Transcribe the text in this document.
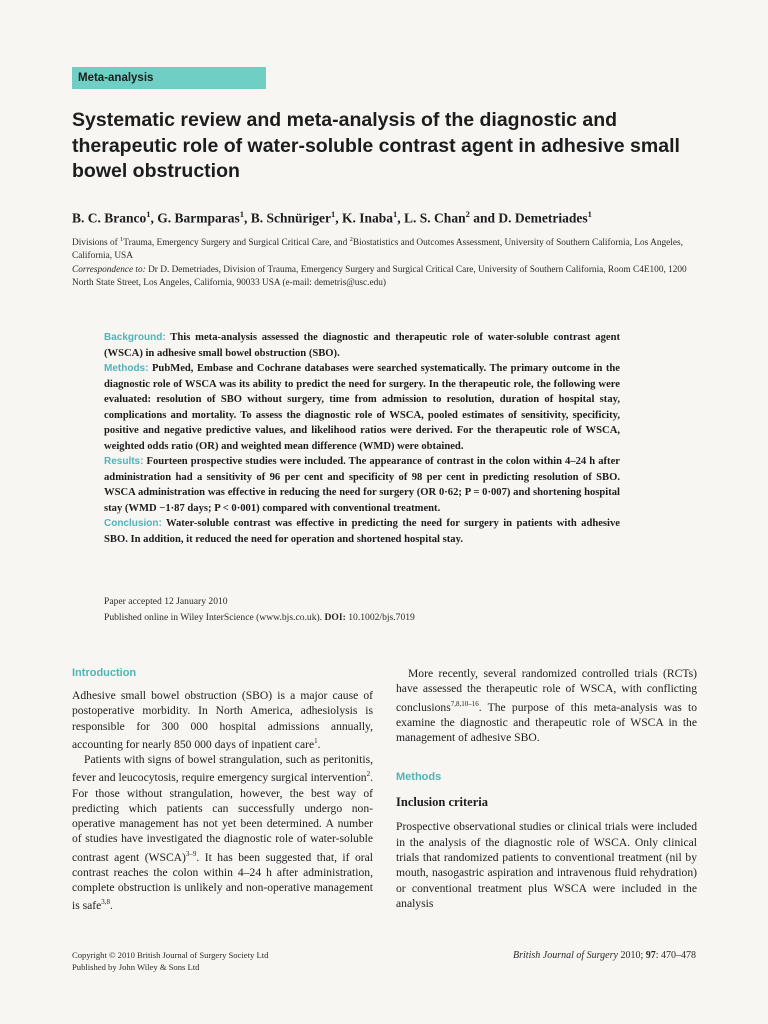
Meta-analysis
Systematic review and meta-analysis of the diagnostic and therapeutic role of water-soluble contrast agent in adhesive small bowel obstruction
B. C. Branco$^1$, G. Barmparas$^1$, B. Schnüriger$^1$, K. Inaba$^1$, L. S. Chan$^2$ and D. Demetriades$^1$
Divisions of $^1$Trauma, Emergency Surgery and Surgical Critical Care, and $^2$Biostatistics and Outcomes Assessment, University of Southern California, Los Angeles, California, USA
Correspondence to: Dr D. Demetriades, Division of Trauma, Emergency Surgery and Surgical Critical Care, University of Southern California, Room C4E100, 1200 North State Street, Los Angeles, California, 90033 USA (e-mail: demetris@usc.edu)

Background: This meta-analysis assessed the diagnostic and therapeutic role of water-soluble contrast agent (WSCA) in adhesive small bowel obstruction (SBO).

Methods: PubMed, Embase and Cochrane databases were searched systematically. The primary outcome in the diagnostic role of WSCA was its ability to predict the need for surgery. In the therapeutic role, the following were evaluated: resolution of SBO without surgery, time from admission to resolution, duration of hospital stay, complications and mortality. To assess the diagnostic role of WSCA, pooled estimates of sensitivity, specificity, positive and negative predictive values, and likelihood ratios were derived. For the therapeutic role of WSCA, weighted odds ratio (OR) and weighted mean difference (WMD) were obtained.

Results: Fourteen prospective studies were included. The appearance of contrast in the colon within 4–24 h after administration had a sensitivity of 96 per cent and specificity of 98 per cent in predicting resolution of SBO. WSCA administration was effective in reducing the need for surgery (OR 0·62; P = 0·007) and shortening hospital stay (WMD −1·87 days; P < 0·001) compared with conventional treatment.

Conclusion: Water-soluble contrast was effective in predicting the need for surgery in patients with adhesive SBO. In addition, it reduced the need for operation and shortened hospital stay.

Paper accepted 12 January 2010
Published online in Wiley InterScience (www.bjs.co.uk). DOI: 10.1002/bjs.7019
Introduction

Adhesive small bowel obstruction (SBO) is a major cause of postoperative morbidity. In North America, adhesiolysis is responsible for 300 000 hospital admissions annually, accounting for nearly 850 000 days of inpatient care$^1$.

Patients with signs of bowel strangulation, such as peritonitis, fever and leucocytosis, require emergency surgical intervention$^2$. For those without strangulation, however, the best way of predicting which patients can successfully undergo non-operative management has not yet been determined. A number of studies have investigated the diagnostic role of water-soluble contrast agent (WSCA)$^{3-9}$. It has been suggested that, if oral contrast reaches the colon within 4–24 h after administration, complete obstruction is unlikely and non-operative management is safe$^{3,8}$.

More recently, several randomized controlled trials (RCTs) have assessed the therapeutic role of WSCA, with conflicting conclusions$^{7,8,10-16}$. The purpose of this meta-analysis was to examine the diagnostic and therapeutic role of WSCA in the management of adhesive SBO.

Methods
Inclusion criteria

Prospective observational studies or clinical trials were included in the analysis of the diagnostic role of WSCA. Only clinical trials that randomized patients to conventional treatment (nil by mouth, nasogastric aspiration and intravenous fluid rehydration) or conventional treatment plus WSCA were included in the analysis

Copyright © 2010 British Journal of Surgery Society Ltd
Published by John Wiley & Sons Ltd
British Journal of Surgery 2010; 97: 470–478
